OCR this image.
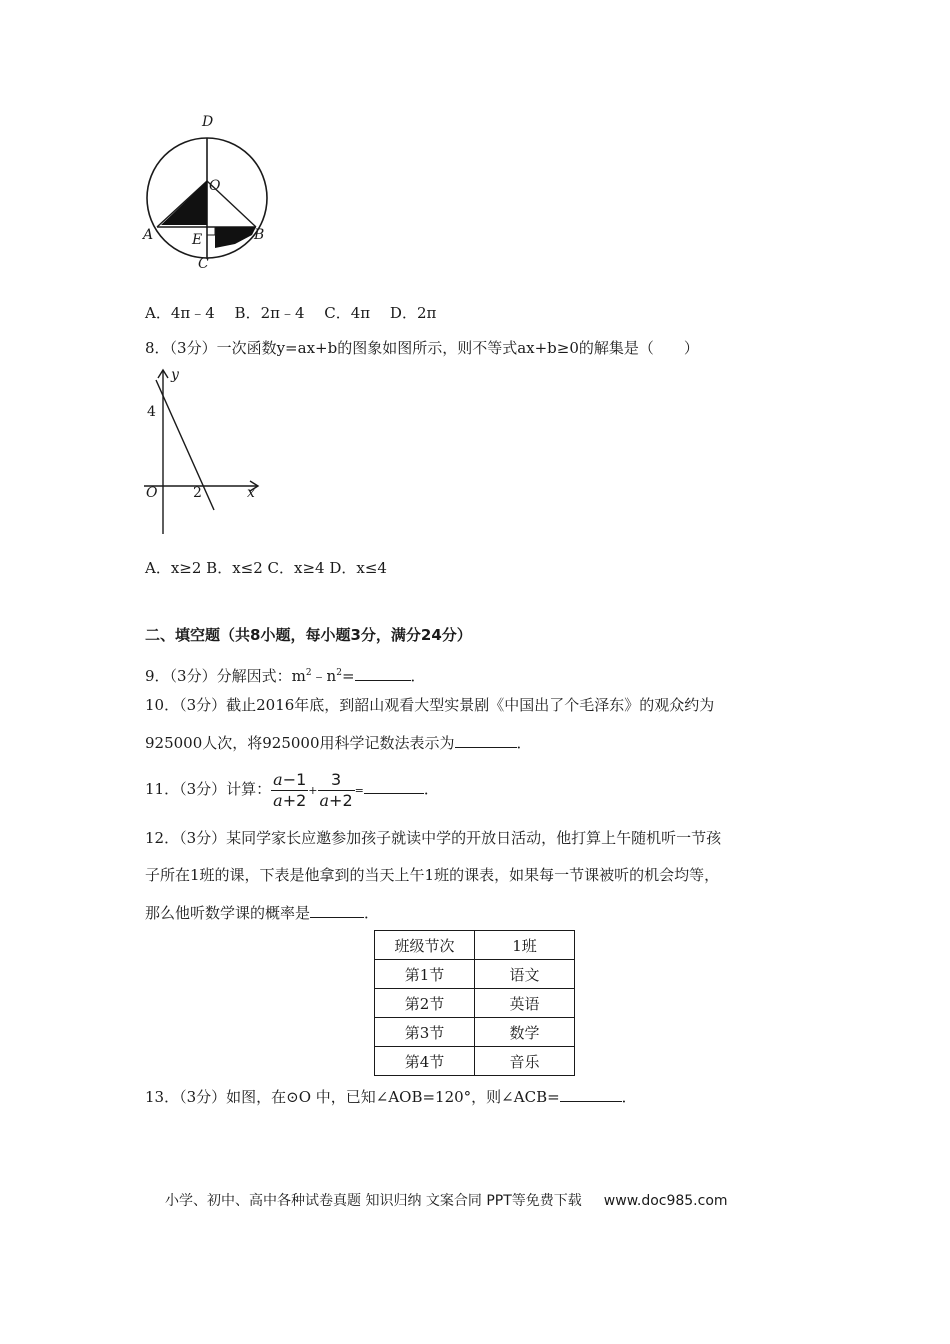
D
O
A	E	B
C
A．4π﹣4　 B．2π﹣4　 C．4π　 D．2π
8．（3分）一次函数y=ax+b的图象如图所示，则不等式ax+b≥0的解集是（　　）
y
4
O	2	x
A．x≥2 B．x≤2 C．x≥4 D．x≤4
二、填空题（共8小题，每小题3分，满分24分）
9．（3分）分解因式：$m^2﹣n^2=$	．
10．（3分）截止2016年底，到韶山观看大型实景剧《中国出了个毛泽东》的观众约为
925000人次，将925000用科学记数法表示为	．
11．（3分）计算： $\frac{a-1}{a+2} + \frac{3}{a+2}$ =	．
12．（3分）某同学家长应邀参加孩子就读中学的开放日活动，他打算上午随机听一节孩
子所在1班的课，下表是他拿到的当天上午1班的课表，如果每一节课被听的机会均等，
那么他听数学课的概率是	．
班级节次	1班
第1节	语文
第2节	英语
第3节	数学
第4节	音乐
13．（3分）如图，在⊙O 中，已知∠AOB=120°，则∠ACB=	．
小学、初中、高中各种试卷真题 知识归纳 文案合同 PPT等免费下载 www.doc985.com
